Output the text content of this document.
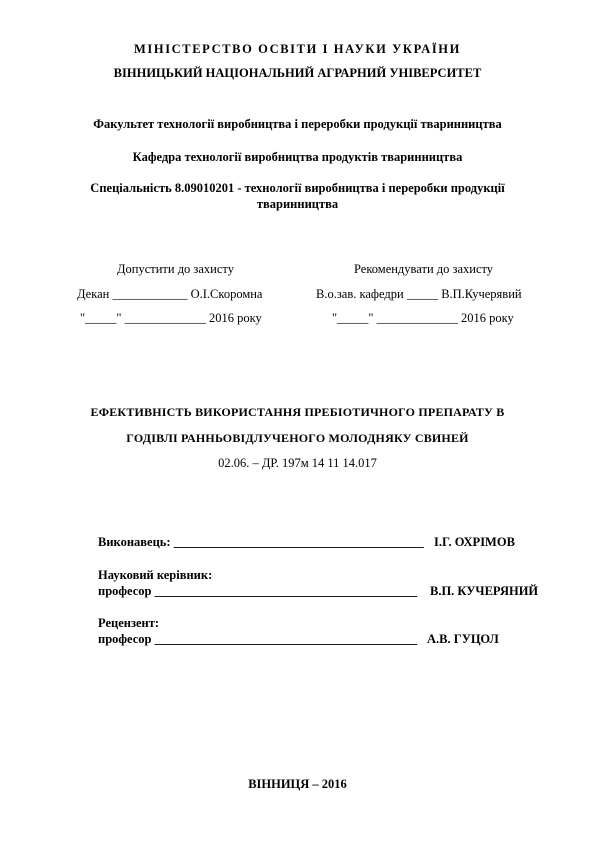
МІНІСТЕРСТВО ОСВІТИ І НАУКИ УКРАЇНИ
ВІННИЦЬКИЙ НАЦІОНАЛЬНИЙ АГРАРНИЙ УНІВЕРСИТЕТ
Факультет технології виробництва і переробки продукції тваринництва
Кафедра технології виробництва продуктів тваринництва
Спеціальність 8.09010201 - технології виробництва і переробки продукції
тваринництва
Допустити до захисту
Декан ____________ О.І.Скоромна
"_____" _____________ 2016 року
Рекомендувати до захисту
В.о.зав. кафедри _____ В.П.Кучерявий
"_____" _____________ 2016 року
ЕФЕКТИВНІСТЬ ВИКОРИСТАННЯ ПРЕБІОТИЧНОГО ПРЕПАРАТУ В
ГОДІВЛІ РАННЬОВІДЛУЧЕНОГО МОЛОДНЯКУ СВИНЕЙ
02.06. – ДР. 197м 14 11 14.017
Виконавець: ________________________________________ І.Г. ОХРІМОВ
Науковий керівник:
професор __________________________________________ В.П. КУЧЕРЯНИЙ
Рецензент:
професор __________________________________________ А.В. ГУЦОЛ
ВІННИЦЯ – 2016
